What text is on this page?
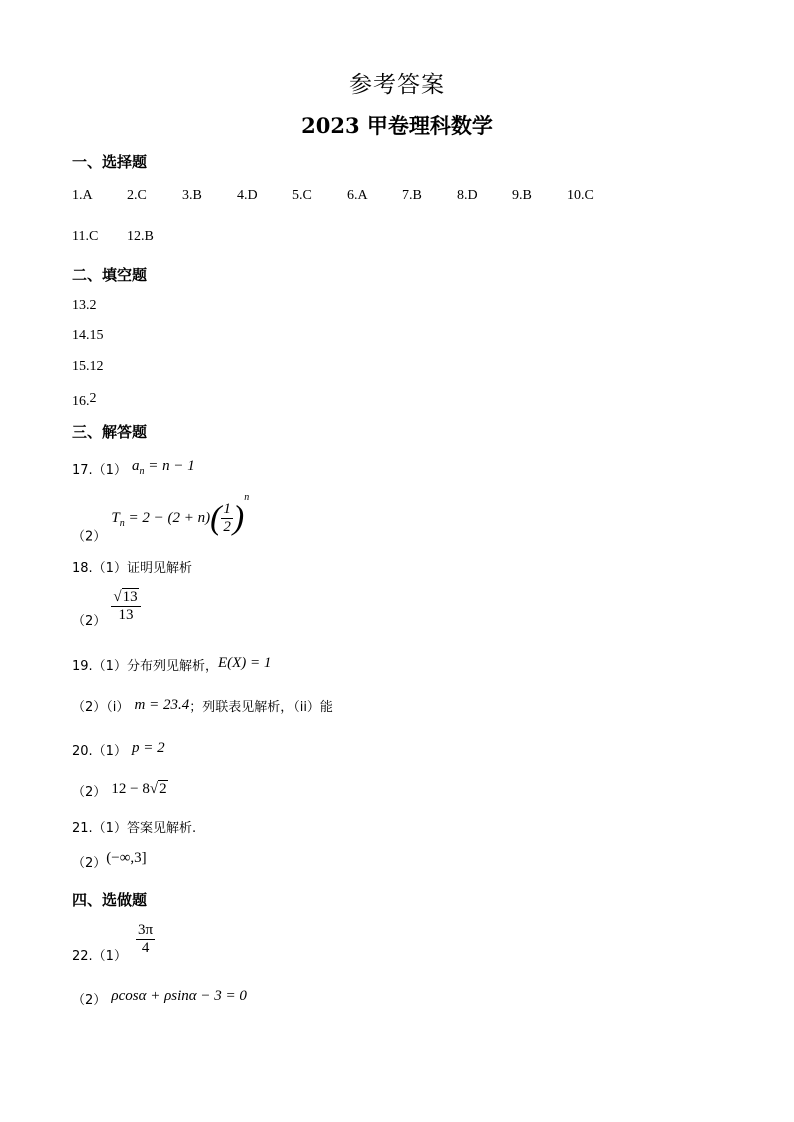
参考答案
2023 甲卷理科数学
一、选择题
1.A 2.C	3.B	4.D 5.C	6.A 7.B	8.D 9.B	10.C
11.C 12.B
二、填空题
13.2
14.15
15.12
16.2
三、解答题
$_{17.(1)}$ $a_n = n - 1$
$_{(2)}$ $T_n = 2 - (2 + n)( \frac{1}{2} )^n$
18.（1）证明见解析
$_{(2)} \frac{√13}{13}$
19.（1）分布列见解析，E(X) = 1
（2）（i） m = 23.4；列联表见解析，（ii）能
20.（1） p = 2
（2） 12 − 8√2
21.（1）答案见解析.
$_{(2)}$(−∞,3]
四、选做题
$_{22.(1)} \frac{3\pi}{4}$
$_{(2)}$ ρcosα + ρsinα − 3 = 0
